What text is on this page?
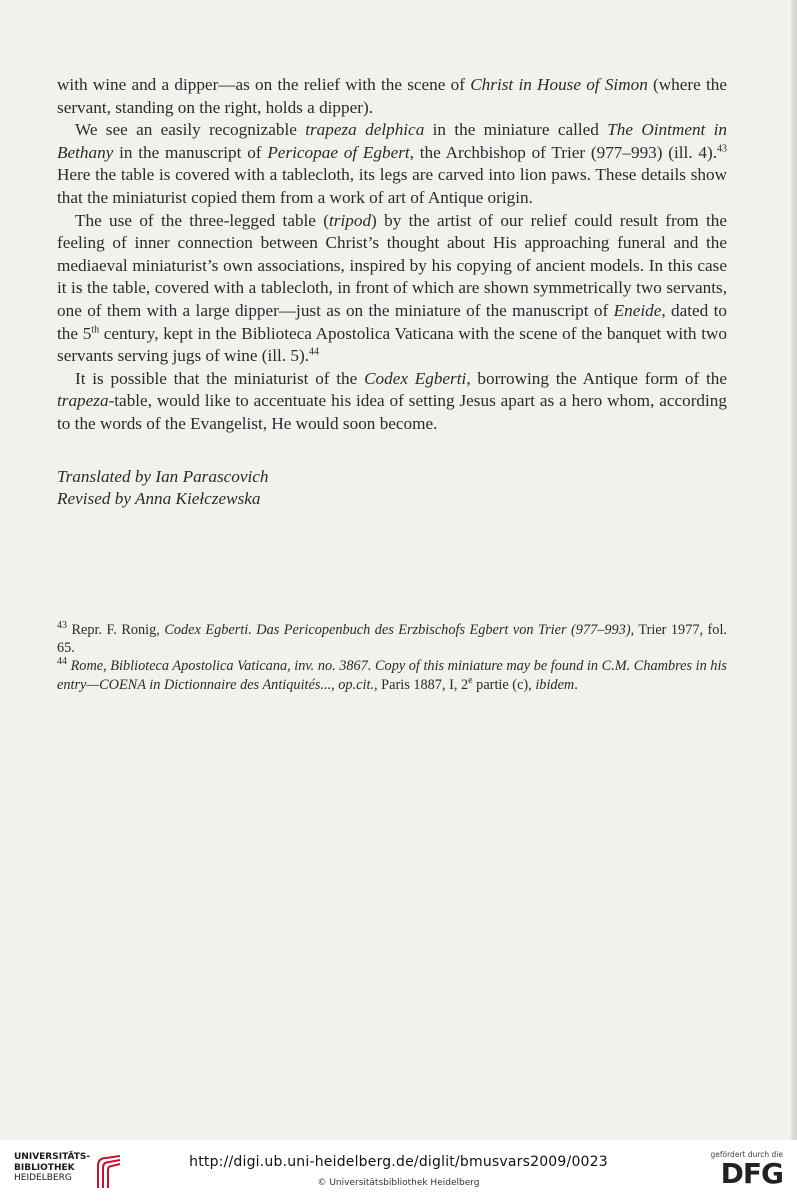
with wine and a dipper—as on the relief with the scene of Christ in House of Simon (where the servant, standing on the right, holds a dipper).

We see an easily recognizable trapeza delphica in the miniature called The Ointment in Bethany in the manuscript of Pericopae of Egbert, the Archbishop of Trier (977–993) (ill. 4).$^{43}$ Here the table is covered with a tablecloth, its legs are carved into lion paws. These details show that the miniaturist copied them from a work of art of Antique origin.

The use of the three-legged table (tripod) by the artist of our relief could result from the feeling of inner connection between Christ’s thought about His approaching funeral and the mediaeval miniaturist’s own associations, inspired by his copying of ancient models. In this case it is the table, covered with a tablecloth, in front of which are shown symmetrically two servants, one of them with a large dipper—just as on the miniature of the manuscript of Eneide, dated to the 5th century, kept in the Biblioteca Apostolica Vaticana with the scene of the banquet with two servants serving jugs of wine (ill. 5).$^{44}$

It is possible that the miniaturist of the Codex Egberti, borrowing the Antique form of the trapeza-table, would like to accentuate his idea of setting Jesus apart as a hero whom, according to the words of the Evangelist, He would soon become.

Translated by Ian Parascovich
Revised by Anna Kiełczewska

$^{43}$ Repr. F. Ronig, Codex Egberti. Das Pericopenbuch des Erzbischofs Egbert von Trier (977–993), Trier 1977, fol. 65.

$^{44}$ Rome, Biblioteca Apostolica Vaticana, inv. no. 3867. Copy of this miniature may be found in C.M. Chambres in his entry—COENA in Dictionnaire des Antiquités..., op.cit., Paris 1887, I, 2e partie (c), ibidem.

UNIVERSITÄTS-
BIBLIOTHEK
HEIDELBERG
http://digi.ub.uni-heidelberg.de/diglit/bmusvars2009/0023
© Universitätsbibliothek Heidelberg
gefördert durch die
DFG
